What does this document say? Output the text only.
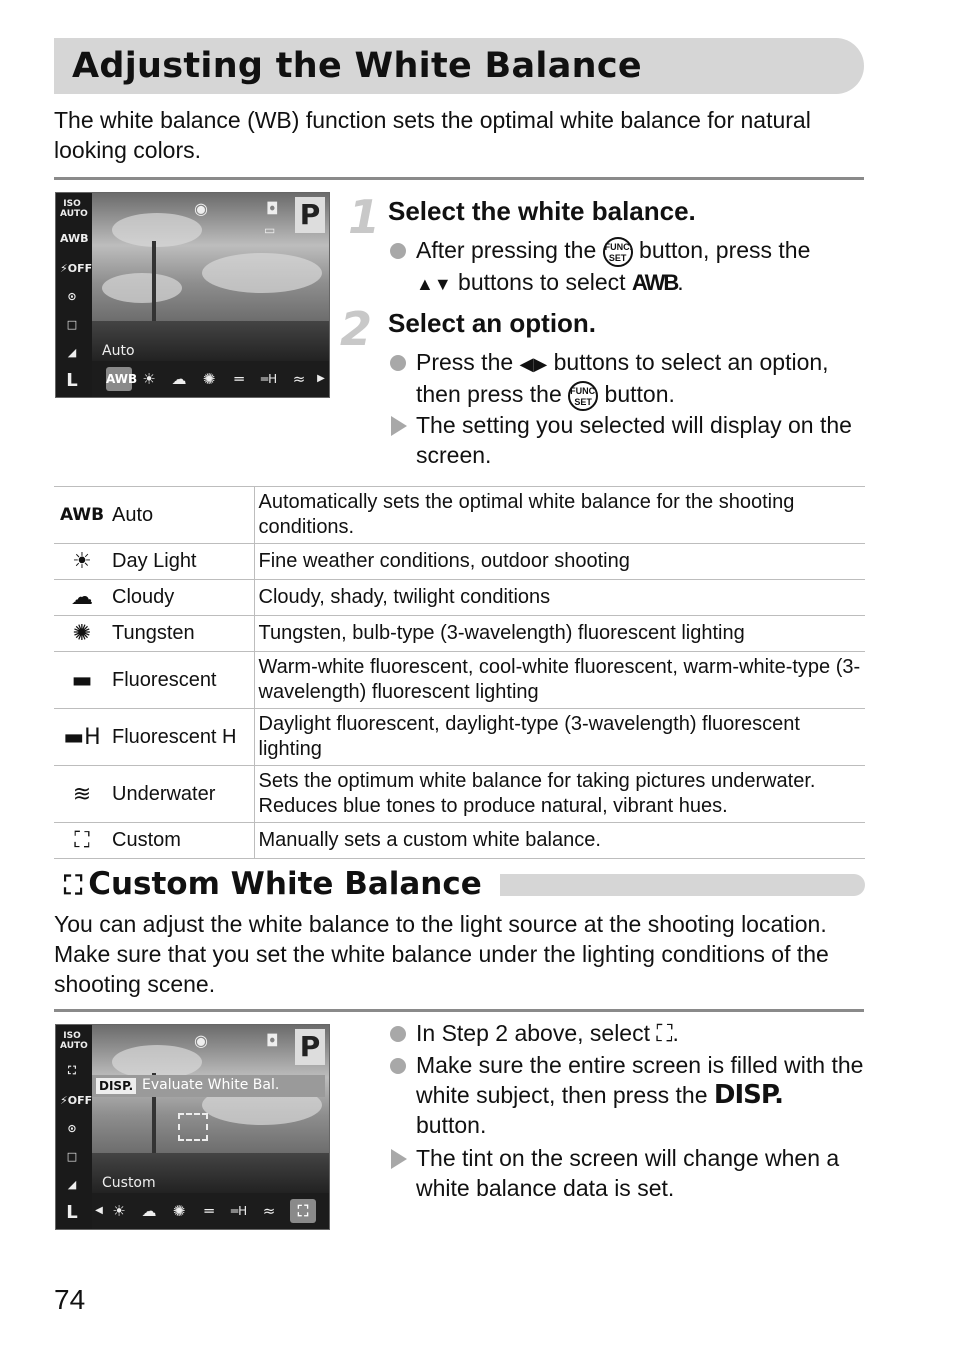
Adjusting the White Balance
The white balance (WB) function sets the optimal white balance for natural looking colors.
ISO AUTO
AWB
⚡OFF
⊙
□
◢
L
◉	◘
▭ P
Auto
AWB ☀	☁	✺	═	═H	≈	▶
1 Select the white balance.
After pressing the FUNC.
SET button, press the
▲▼ buttons to select AWB.
2 Select an option.
Press the ◀▶ buttons to select an option, then press the FUNC.
SET button.
The setting you selected will display on the screen.
AWB	Auto	Automatically sets the optimal white balance for the shooting conditions.
☀	Day Light	Fine weather conditions, outdoor shooting
☁	Cloudy	Cloudy, shady, twilight conditions
✺	Tungsten	Tungsten, bulb-type (3-wavelength) fluorescent lighting
▬	Fluorescent	Warm-white fluorescent, cool-white fluorescent, warm-white-type (3-wavelength) fluorescent lighting
▬H	Fluorescent H	Daylight fluorescent, daylight-type (3-wavelength) fluorescent lighting
≋	Underwater	Sets the optimum white balance for taking pictures underwater. Reduces blue tones to produce natural, vibrant hues.
⛶	Custom	Manually sets a custom white balance.
⛶ Custom White Balance
You can adjust the white balance to the light source at the shooting location. Make sure that you set the white balance under the lighting conditions of the shooting scene.
ISO AUTO
⛶
⚡OFF
⊙
□
◢
L
◉	◘ P
DISP. Evaluate White Bal.
Custom
◀ ☀	☁	✺	═	═H	≈	⛶
In Step 2 above, select ⛶.
Make sure the entire screen is filled with the white subject, then press the DISP.
button.
The tint on the screen will change when a white balance data is set.
74
